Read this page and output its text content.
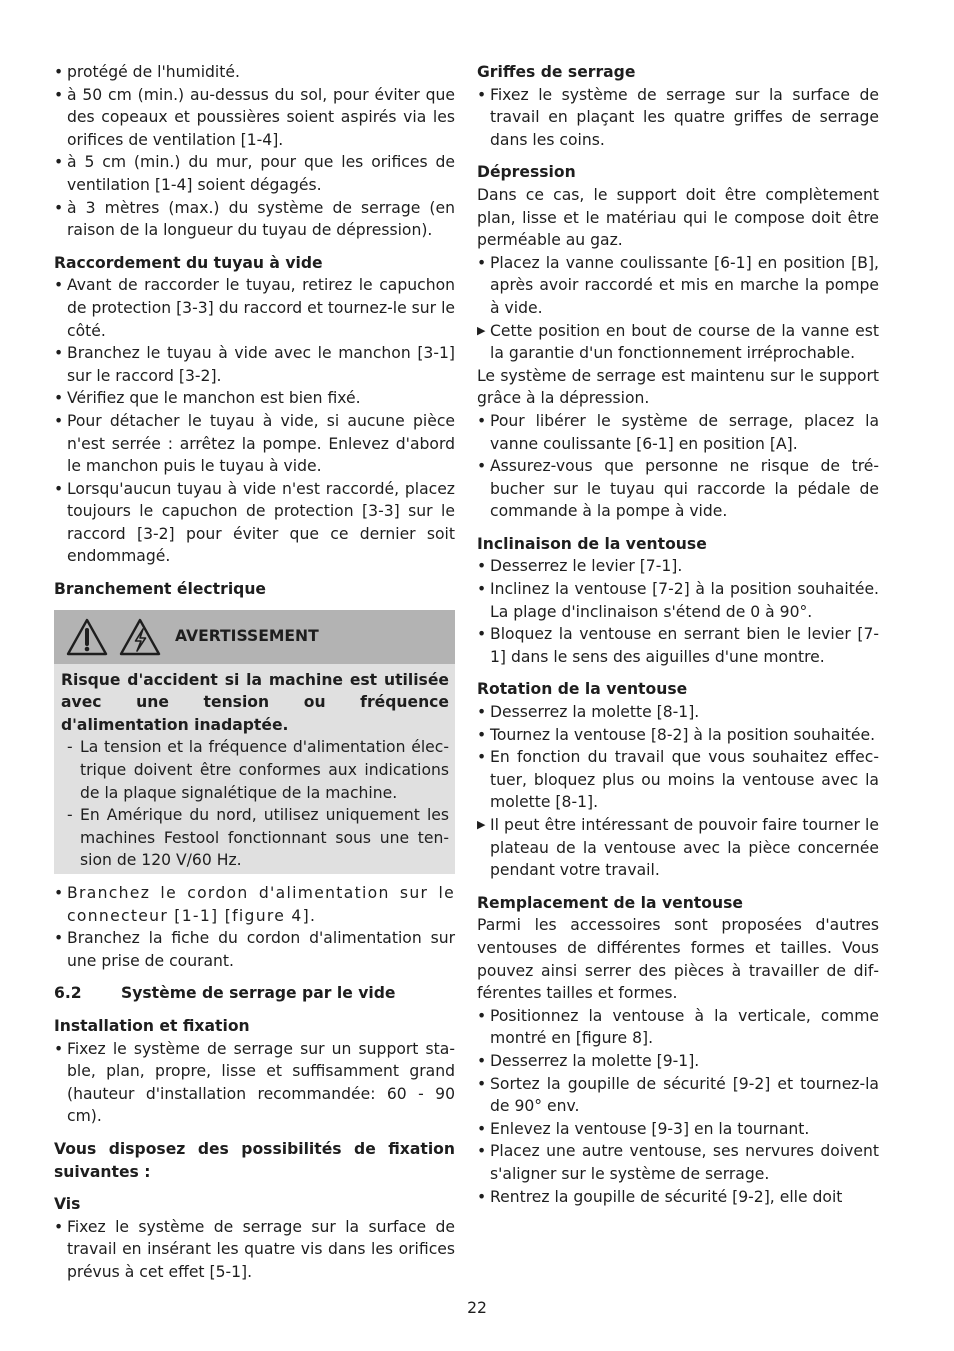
• protégé de l'humidité.
• à 50 cm (min.) au-dessus du sol, pour éviter que des copeaux et poussières soient aspirés via les orifices de ventilation [1-4].
• à 5 cm (min.) du mur, pour que les orifices de ventilation [1-4] soient dégagés.
• à 3 mètres (max.) du système de serrage (en raison de la longueur du tuyau de dépression).

Raccordement du tuyau à vide

• Avant de raccorder le tuyau, retirez le capuchon de protection [3-3] du raccord et tournez-le sur le côté.
• Branchez le tuyau à vide avec le manchon [3-1] sur le raccord [3-2].
• Vérifiez que le manchon est bien fixé.
• Pour détacher le tuyau à vide, si aucune pièce n'est serrée : arrêtez la pompe. Enlevez d'abord le manchon puis le tuyau à vide.
• Lorsqu'aucun tuyau à vide n'est raccordé, placez toujours le capuchon de protection [3-3] sur le raccord [3-2] pour éviter que ce dernier soit endommagé.

Branchement électrique

AVERTISSEMENT

Risque d'accident si la machine est utilisée avec une tension ou fréquence d'alimentation inadaptée.

- La tension et la fréquence d'alimentation électrique doivent être conformes aux indications de la plaque signalétique de la machine.
- En Amérique du nord, utilisez uniquement les machines Festool fonctionnant sous une tension de 120 V/60 Hz.
• Branchez le cordon d'alimentation sur le connecteur [1-1] [figure 4].
• Branchez la fiche du cordon d'alimentation sur une prise de courant.
6.2	Système de serrage par le vide

Installation et fixation

• Fixez le système de serrage sur un support stable, plan, propre, lisse et suffisamment grand (hauteur d'installation recommandée: 60 - 90 cm).

Vous disposez des possibilités de fixation suivantes :

Vis

• Fixez le système de serrage sur la surface de travail en insérant les quatre vis dans les orifices prévus à cet effet [5-1].

Griffes de serrage

• Fixez le système de serrage sur la surface de travail en plaçant les quatre griffes de serrage dans les coins.

Dépression

Dans ce cas, le support doit être complètement plan, lisse et le matériau qui le compose doit être perméable au gaz.

• Placez la vanne coulissante [6-1] en position [B], après avoir raccordé et mis en marche la pompe à vide.
▶ Cette position en bout de course de la vanne est la garantie d'un fonctionnement irréprochable.

Le système de serrage est maintenu sur le support grâce à la dépression.

• Pour libérer le système de serrage, placez la vanne coulissante [6-1] en position [A].
• Assurez-vous que personne ne risque de trébucher sur le tuyau qui raccorde la pédale de commande à la pompe à vide.

Inclinaison de la ventouse

• Desserrez le levier [7-1].
• Inclinez la ventouse [7-2] à la position souhaitée. La plage d'inclinaison s'étend de 0 à 90°.
• Bloquez la ventouse en serrant bien le levier [7-1] dans le sens des aiguilles d'une montre.

Rotation de la ventouse

• Desserrez la molette [8-1].
• Tournez la ventouse [8-2] à la position souhaitée.
• En fonction du travail que vous souhaitez effectuer, bloquez plus ou moins la ventouse avec la molette [8-1].
▶ Il peut être intéressant de pouvoir faire tourner le plateau de la ventouse avec la pièce concernée pendant votre travail.

Remplacement de la ventouse

Parmi les accessoires sont proposées d'autres ventouses de différentes formes et tailles. Vous pouvez ainsi serrer des pièces à travailler de différentes tailles et formes.

• Positionnez la ventouse à la verticale, comme montré en [figure 8].
• Desserrez la molette [9-1].
• Sortez la goupille de sécurité [9-2] et tournez-la de 90° env.
• Enlevez la ventouse [9-3] en la tournant.
• Placez une autre ventouse, ses nervures doivent s'aligner sur le système de serrage.
• Rentrez la goupille de sécurité [9-2], elle doit
22
